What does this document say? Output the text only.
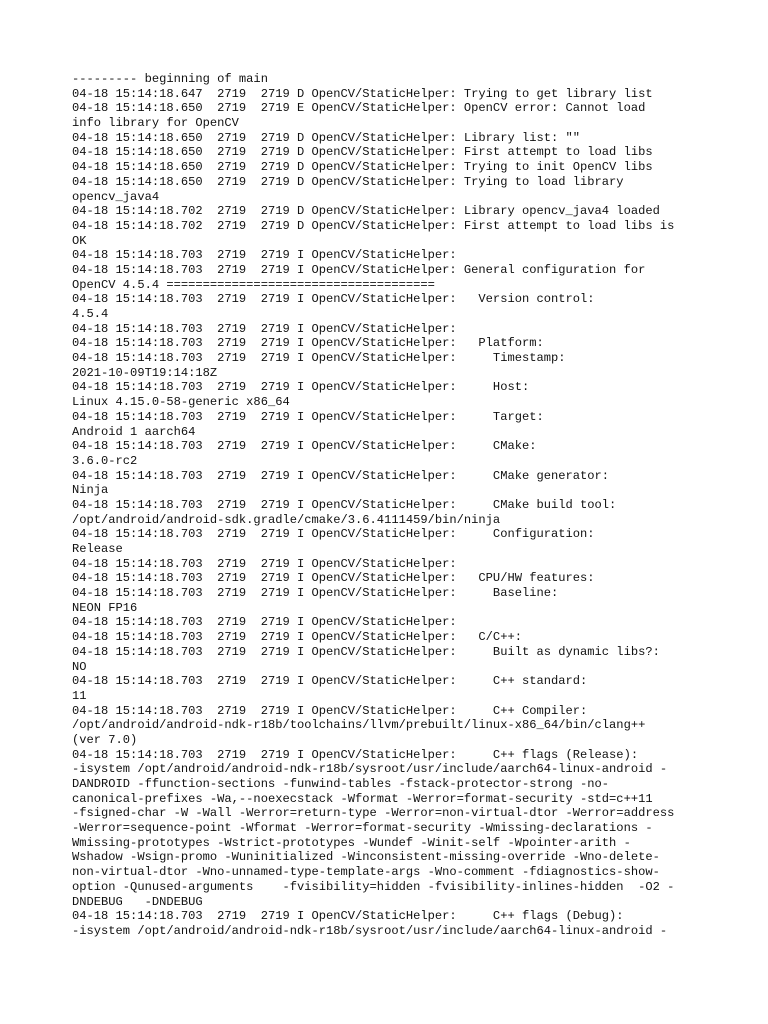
--------- beginning of main
04-18 15:14:18.647  2719  2719 D OpenCV/StaticHelper: Trying to get library list
04-18 15:14:18.650  2719  2719 E OpenCV/StaticHelper: OpenCV error: Cannot load
info library for OpenCV
04-18 15:14:18.650  2719  2719 D OpenCV/StaticHelper: Library list: ""
04-18 15:14:18.650  2719  2719 D OpenCV/StaticHelper: First attempt to load libs
04-18 15:14:18.650  2719  2719 D OpenCV/StaticHelper: Trying to init OpenCV libs
04-18 15:14:18.650  2719  2719 D OpenCV/StaticHelper: Trying to load library
opencv_java4
04-18 15:14:18.702  2719  2719 D OpenCV/StaticHelper: Library opencv_java4 loaded
04-18 15:14:18.702  2719  2719 D OpenCV/StaticHelper: First attempt to load libs is
OK
04-18 15:14:18.703  2719  2719 I OpenCV/StaticHelper:
04-18 15:14:18.703  2719  2719 I OpenCV/StaticHelper: General configuration for
OpenCV 4.5.4 =====================================
04-18 15:14:18.703  2719  2719 I OpenCV/StaticHelper:   Version control:
4.5.4
04-18 15:14:18.703  2719  2719 I OpenCV/StaticHelper:
04-18 15:14:18.703  2719  2719 I OpenCV/StaticHelper:   Platform:
04-18 15:14:18.703  2719  2719 I OpenCV/StaticHelper:     Timestamp:
2021-10-09T19:14:18Z
04-18 15:14:18.703  2719  2719 I OpenCV/StaticHelper:     Host:
Linux 4.15.0-58-generic x86_64
04-18 15:14:18.703  2719  2719 I OpenCV/StaticHelper:     Target:
Android 1 aarch64
04-18 15:14:18.703  2719  2719 I OpenCV/StaticHelper:     CMake:
3.6.0-rc2
04-18 15:14:18.703  2719  2719 I OpenCV/StaticHelper:     CMake generator:
Ninja
04-18 15:14:18.703  2719  2719 I OpenCV/StaticHelper:     CMake build tool:
/opt/android/android-sdk.gradle/cmake/3.6.4111459/bin/ninja
04-18 15:14:18.703  2719  2719 I OpenCV/StaticHelper:     Configuration:
Release
04-18 15:14:18.703  2719  2719 I OpenCV/StaticHelper:
04-18 15:14:18.703  2719  2719 I OpenCV/StaticHelper:   CPU/HW features:
04-18 15:14:18.703  2719  2719 I OpenCV/StaticHelper:     Baseline:
NEON FP16
04-18 15:14:18.703  2719  2719 I OpenCV/StaticHelper:
04-18 15:14:18.703  2719  2719 I OpenCV/StaticHelper:   C/C++:
04-18 15:14:18.703  2719  2719 I OpenCV/StaticHelper:     Built as dynamic libs?:
NO
04-18 15:14:18.703  2719  2719 I OpenCV/StaticHelper:     C++ standard:
11
04-18 15:14:18.703  2719  2719 I OpenCV/StaticHelper:     C++ Compiler:
/opt/android/android-ndk-r18b/toolchains/llvm/prebuilt/linux-x86_64/bin/clang++
(ver 7.0)
04-18 15:14:18.703  2719  2719 I OpenCV/StaticHelper:     C++ flags (Release):
-isystem /opt/android/android-ndk-r18b/sysroot/usr/include/aarch64-linux-android -
DANDROID -ffunction-sections -funwind-tables -fstack-protector-strong -no-
canonical-prefixes -Wa,--noexecstack -Wformat -Werror=format-security -std=c++11
-fsigned-char -W -Wall -Werror=return-type -Werror=non-virtual-dtor -Werror=address
-Werror=sequence-point -Wformat -Werror=format-security -Wmissing-declarations -
Wmissing-prototypes -Wstrict-prototypes -Wundef -Winit-self -Wpointer-arith -
Wshadow -Wsign-promo -Wuninitialized -Winconsistent-missing-override -Wno-delete-
non-virtual-dtor -Wno-unnamed-type-template-args -Wno-comment -fdiagnostics-show-
option -Qunused-arguments    -fvisibility=hidden -fvisibility-inlines-hidden  -O2 -
DNDEBUG   -DNDEBUG
04-18 15:14:18.703  2719  2719 I OpenCV/StaticHelper:     C++ flags (Debug):
-isystem /opt/android/android-ndk-r18b/sysroot/usr/include/aarch64-linux-android -
